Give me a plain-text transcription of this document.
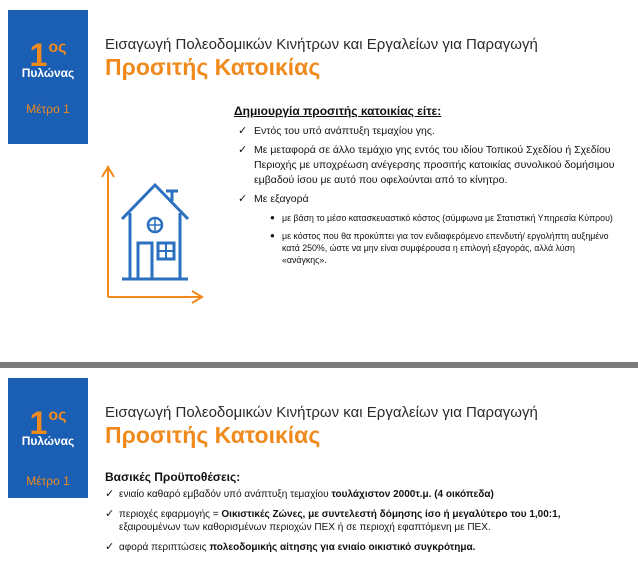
$1^{o\varsigma}$
Πυλώνας
Μέτρο 1
Εισαγωγή Πολεοδομικών Κινήτρων και Εργαλείων για Παραγωγή
Προσιτής Κατοικίας
Δημιουργία προσιτής κατοικίας είτε:
✓ Εντός του υπό ανάπτυξη τεμαχίου γης.
✓ Με μεταφορά σε άλλο τεμάχιο γης εντός του ιδίου Τοπικού Σχεδίου ή Σχεδίου Περιοχής με υποχρέωση ανέγερσης προσιτής κατοικίας συνολικού δομήσιμου εμβαδού ίσου με αυτό που οφελούνται από το κίνητρο.
✓ Με εξαγορά
● με βάση το μέσο κατασκευαστικό κόστος (σύμφωνα με Στατιστική Υπηρεσία Κύπρου)
● με κόστος που θα προκύπτει για τον ενδιαφερόμενο επενδυτή/ εργολήπτη αυξημένο κατά 250%, ώστε να μην είναι συμφέρουσα η επιλογή εξαγοράς, αλλά λύση «ανάγκης».
$1^{o\varsigma}$
Πυλώνας
Μέτρο 1
Εισαγωγή Πολεοδομικών Κινήτρων και Εργαλείων για Παραγωγή
Προσιτής Κατοικίας
Βασικές Προϋποθέσεις:
✓ ενιαίο καθαρό εμβαδόν υπό ανάπτυξη τεμαχίου τουλάχιστον 2000τ.μ. (4 οικόπεδα)
✓ περιοχές εφαρμογής = Οικιστικές Ζώνες, με συντελεστή δόμησης ίσο ή μεγαλύτερο του 1,00:1,
εξαιρουμένων των καθορισμένων περιοχών ΠΕΧ ή σε περιοχή εφαπτόμενη με ΠΕΧ.
✓ αφορά περιπτώσεις πολεοδομικής αίτησης για ενιαίο οικιστικό συγκρότημα.
